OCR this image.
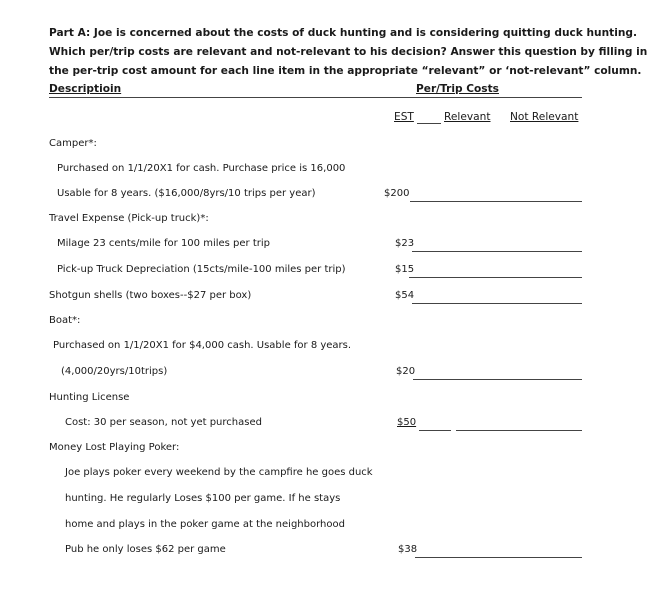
Part A: Joe is concerned about the costs of duck hunting and is considering quitting duck hunting.
Which per/trip costs are relevant and not-relevant to his decision? Answer this question by filling in
the per-trip cost amount for each line item in the appropriate “relevant” or ‘not-relevant” column.
Descriptioin	Per/Trip Costs
EST	Relevant Not Relevant
Camper*:
Purchased on 1/1/20X1 for cash. Purchase price is 16,000
Usable for 8 years. ($16,000/8yrs/10 trips per year)	$200
Travel Expense (Pick-up truck)*:
Milage 23 cents/mile for 100 miles per trip	$23
Pick-up Truck Depreciation (15cts/mile-100 miles per trip)	$15
Shotgun shells (two boxes--$27 per box)	$54
Boat*:
Purchased on 1/1/20X1 for $4,000 cash. Usable for 8 years.
(4,000/20yrs/10trips)	$20
Hunting License
Cost: 30 per season, not yet purchased	$50
Money Lost Playing Poker:
Joe plays poker every weekend by the campfire he goes duck
hunting. He regularly Loses $100 per game. If he stays
home and plays in the poker game at the neighborhood
Pub he only loses $62 per game	$38
